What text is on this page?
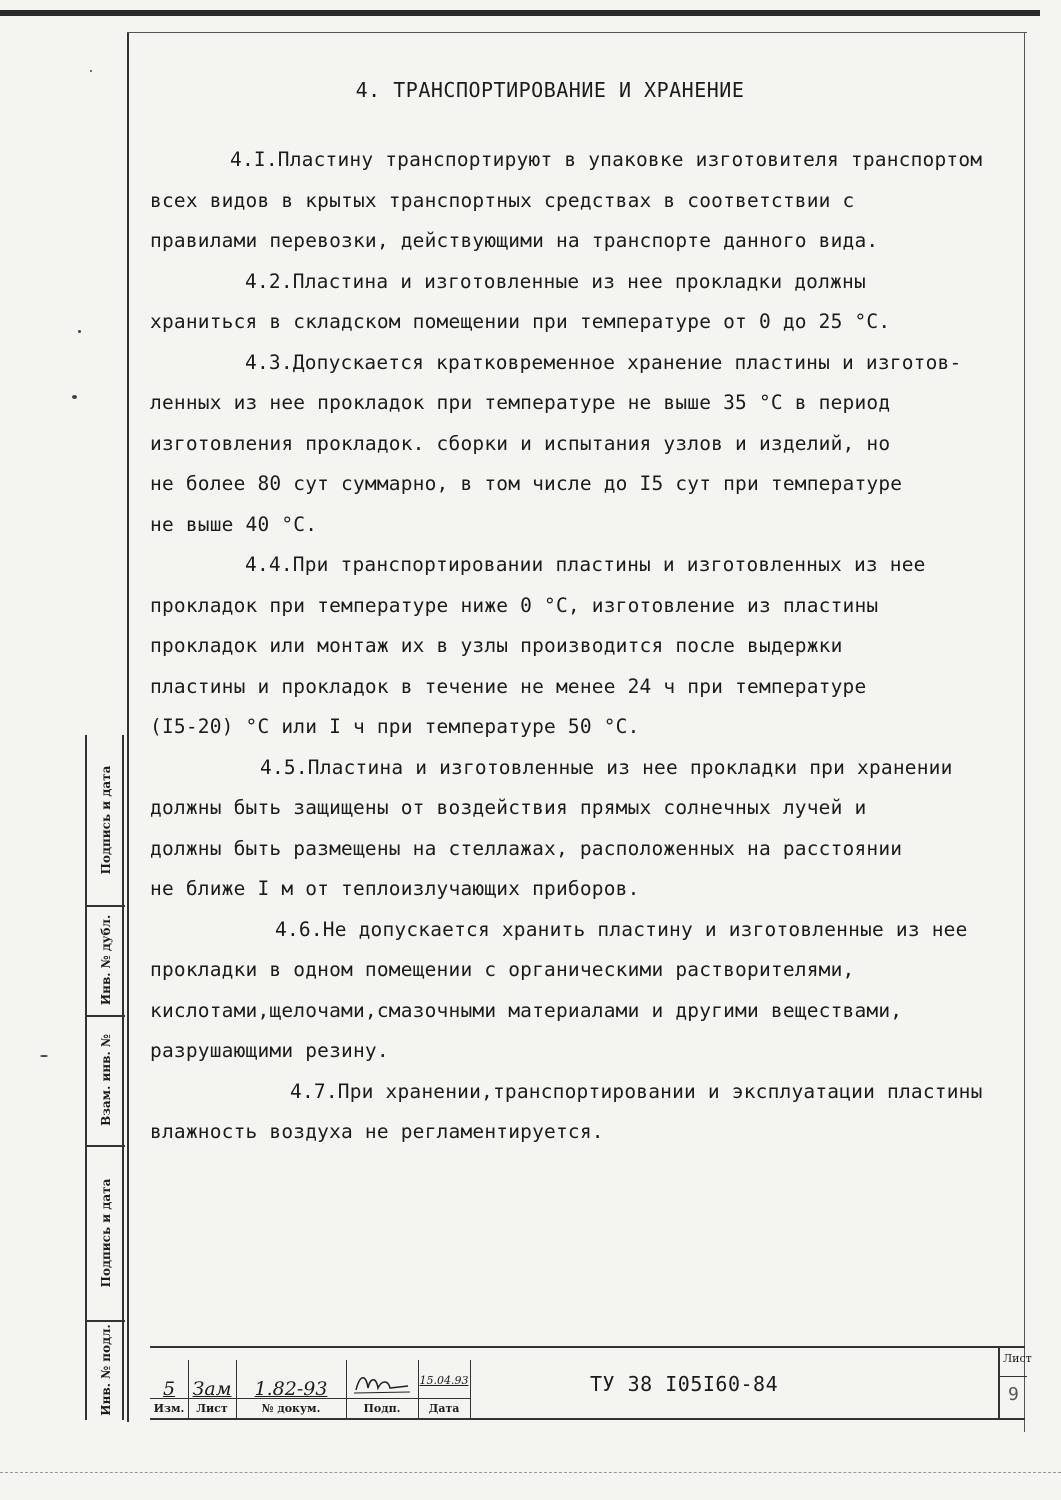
4. ТРАНСПОРТИРОВАНИЕ И ХРАНЕНИЕ
4.I.Пластину транспортируют в упаковке изготовителя транспортом
всех видов в крытых транспортных средствах в соответствии с
правилами перевозки, действующими на транспорте данного вида.
4.2.Пластина и изготовленные из нее прокладки должны
храниться в складском помещении при температуре от 0 до 25 °C.
4.3.Допускается кратковременное хранение пластины и изготов-
ленных из нее прокладок при температуре не выше 35 °C в период
изготовления прокладок. сборки и испытания узлов и изделий, но
не более 80 сут суммарно, в том числе до I5 сут при температуре
не выше 40 °C.
4.4.При транспортировании пластины и изготовленных из нее
прокладок при температуре ниже 0 °C, изготовление из пластины
прокладок или монтаж их в узлы производится после выдержки
пластины и прокладок в течение не менее 24 ч при температуре
(I5-20) °C или I ч при температуре 50 °C.
4.5.Пластина и изготовленные из нее прокладки при хранении
должны быть защищены от воздействия прямых солнечных лучей и
должны быть размещены на стеллажах, расположенных на расстоянии
не ближе I м от теплоизлучающих приборов.
4.6.Не допускается хранить пластину и изготовленные из нее
прокладки в одном помещении с органическими растворителями,
кислотами,щелочами,смазочными материалами и другими веществами,
разрушающими резину.
4.7.При хранении,транспортировании и эксплуатации пластины
влажность воздуха не регламентируется.
Подпись и дата
Инв. № дубл.
Взам. инв. №
Подпись и дата
Инв. № подл.	5
Изм.
Зам
Лист
1.82-93
№ докум.	Подп.
15.04.93
Дата
ТУ 38 I05I60-84
Лист
9
